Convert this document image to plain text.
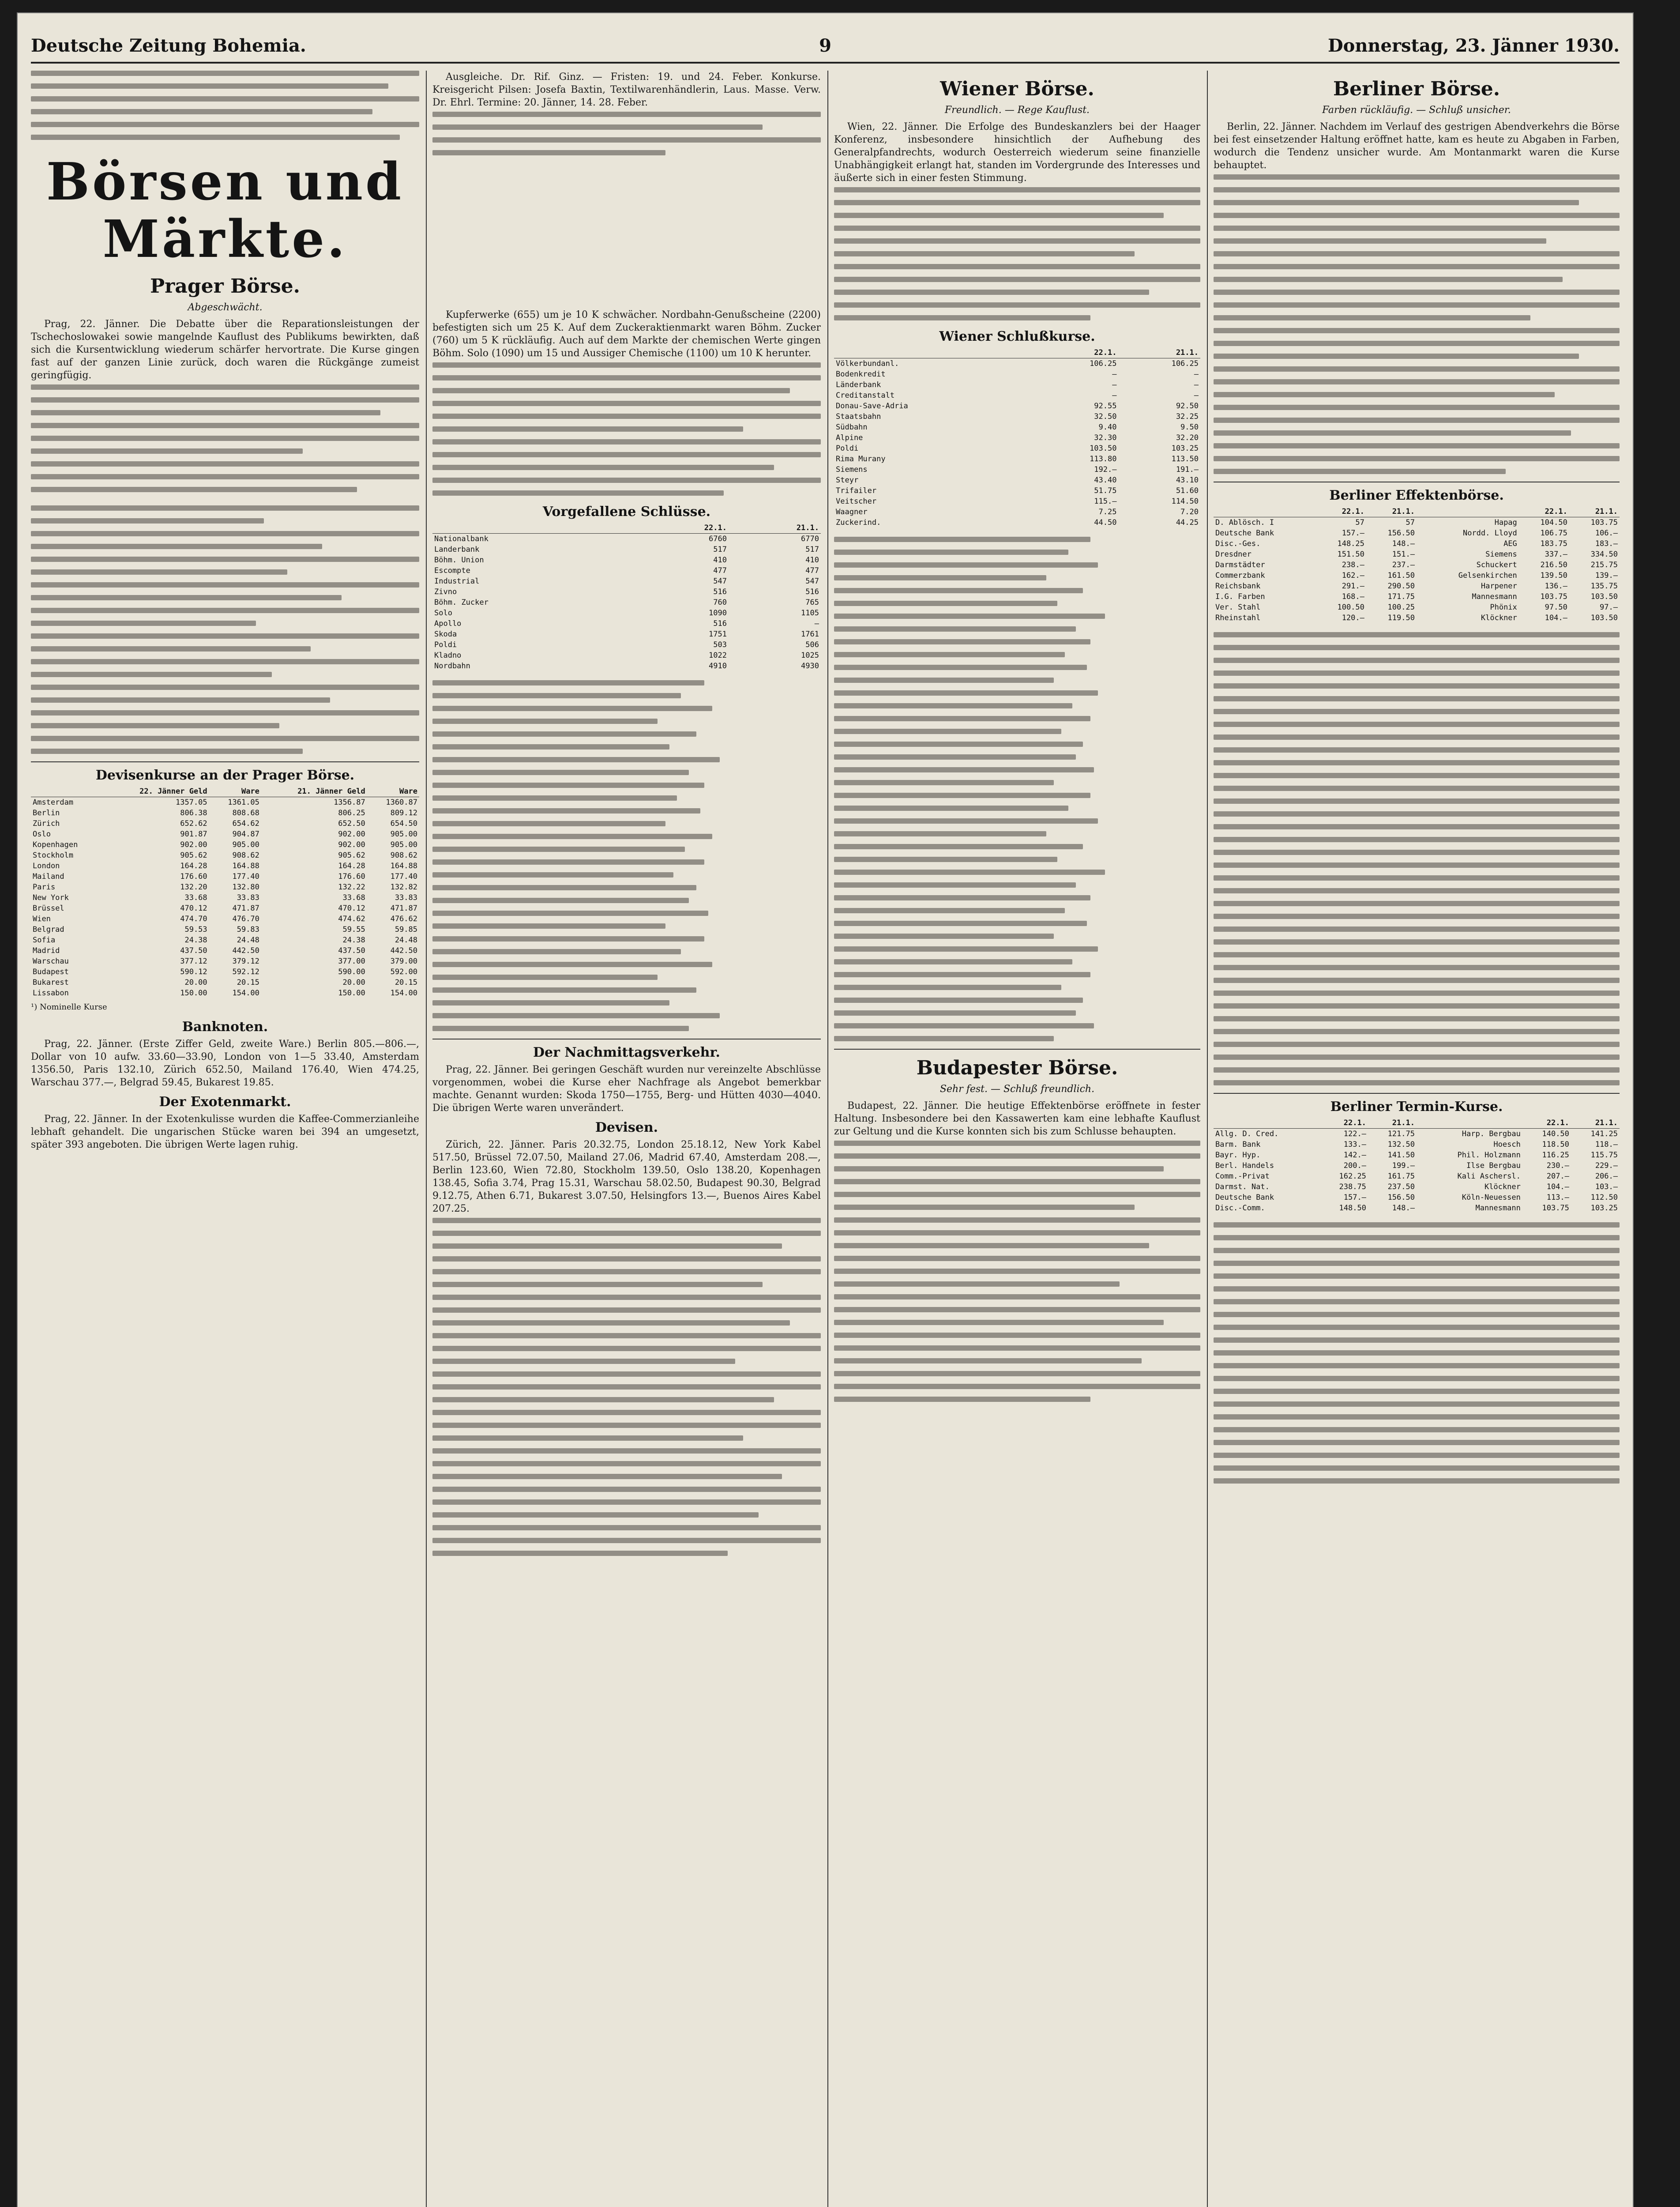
Deutsche Zeitung Bohemia.	9	Donnerstag, 23. Jänner 1930.
Börsen und Märkte.
Prager Börse.
Abgeschwächt.

Prag, 22. Jänner. Die Debatte über die Reparationsleistungen der Tschechoslowakei sowie mangelnde Kauflust des Publikums bewirkten, daß sich die Kursentwicklung wiederum schärfer hervortrate. Die Kurse gingen fast auf der ganzen Linie zurück, doch waren die Rückgänge zumeist geringfügig.

Devisenkurse an der Prager Börse.
	22. Jänner Geld	Ware	21. Jänner Geld	Ware
Amsterdam	1357.05	1361.05	1356.87	1360.87
Berlin	806.38	808.68	806.25	809.12
Zürich	652.62	654.62	652.50	654.50
Oslo	901.87	904.87	902.00	905.00
Kopenhagen	902.00	905.00	902.00	905.00
Stockholm	905.62	908.62	905.62	908.62
London	164.28	164.88	164.28	164.88
Mailand	176.60	177.40	176.60	177.40
Paris	132.20	132.80	132.22	132.82
New York	33.68	33.83	33.68	33.83
Brüssel	470.12	471.87	470.12	471.87
Wien	474.70	476.70	474.62	476.62
Belgrad	59.53	59.83	59.55	59.85
Sofia	24.38	24.48	24.38	24.48
Madrid	437.50	442.50	437.50	442.50
Warschau	377.12	379.12	377.00	379.00
Budapest	590.12	592.12	590.00	592.00
Bukarest	20.00	20.15	20.00	20.15
Lissabon	150.00	154.00	150.00	154.00
¹) Nominelle Kurse
Banknoten.

Prag, 22. Jänner. (Erste Ziffer Geld, zweite Ware.) Berlin 805.—806.—, Dollar von 10 aufw. 33.60—33.90, London von 1—5 33.40, Amsterdam 1356.50, Paris 132.10, Zürich 652.50, Mailand 176.40, Wien 474.25, Warschau 377.—, Belgrad 59.45, Bukarest 19.85.

Der Exotenmarkt.

Prag, 22. Jänner. In der Exotenkulisse wurden die Kaffee-Commerzianleihe lebhaft gehandelt. Die ungarischen Stücke waren bei 394 an umgesetzt, später 393 angeboten. Die übrigen Werte lagen ruhig.

Ausgleiche. Dr. Rif. Ginz. — Fristen: 19. und 24. Feber. Konkurse. Kreisgericht Pilsen: Josefa Baxtin, Textilwarenhändlerin, Laus. Masse. Verw. Dr. Ehrl. Termine: 20. Jänner, 14. 28. Feber.

Kupferwerke (655) um je 10 K schwächer. Nordbahn-Genußscheine (2200) befestigten sich um 25 K. Auf dem Zuckeraktienmarkt waren Böhm. Zucker (760) um 5 K rückläufig. Auch auf dem Markte der chemischen Werte gingen Böhm. Solo (1090) um 15 und Aussiger Chemische (1100) um 10 K herunter.

Vorgefallene Schlüsse.
	22.1.	21.1.
Nationalbank	6760	6770
Landerbank	517	517
Böhm. Union	410	410
Escompte	477	477
Industrial	547	547
Zivno	516	516
Böhm. Zucker	760	765
Solo	1090	1105
Apollo	516	—
Skoda	1751	1761
Poldi	503	506
Kladno	1022	1025
Nordbahn	4910	4930
Der Nachmittagsverkehr.

Prag, 22. Jänner. Bei geringen Geschäft wurden nur vereinzelte Abschlüsse vorgenommen, wobei die Kurse eher Nachfrage als Angebot bemerkbar machte. Genannt wurden: Skoda 1750—1755, Berg- und Hütten 4030—4040. Die übrigen Werte waren unverändert.

Devisen.

Zürich, 22. Jänner. Paris 20.32.75, London 25.18.12, New York Kabel 517.50, Brüssel 72.07.50, Mailand 27.06, Madrid 67.40, Amsterdam 208.—, Berlin 123.60, Wien 72.80, Stockholm 139.50, Oslo 138.20, Kopenhagen 138.45, Sofia 3.74, Prag 15.31, Warschau 58.02.50, Budapest 90.30, Belgrad 9.12.75, Athen 6.71, Bukarest 3.07.50, Helsingfors 13.—, Buenos Aires Kabel 207.25.

Wiener Börse.
Freundlich. — Rege Kauflust.

Wien, 22. Jänner. Die Erfolge des Bundeskanzlers bei der Haager Konferenz, insbesondere hinsichtlich der Aufhebung des Generalpfandrechts, wodurch Oesterreich wiederum seine finanzielle Unabhängigkeit erlangt hat, standen im Vordergrunde des Interesses und äußerte sich in einer festen Stimmung.

Wiener Schlußkurse.
	22.1.	21.1.
Völkerbundanl.	106.25	106.25
Bodenkredit	—	—
Länderbank	—	—
Creditanstalt	—	—
Donau-Save-Adria	92.55	92.50
Staatsbahn	32.50	32.25
Südbahn	9.40	9.50
Alpine	32.30	32.20
Poldi	103.50	103.25
Rima Murany	113.80	113.50
Siemens	192.—	191.—
Steyr	43.40	43.10
Trifailer	51.75	51.60
Veitscher	115.—	114.50
Waagner	7.25	7.20
Zuckerind.	44.50	44.25
Budapester Börse.
Sehr fest. — Schluß freundlich.

Budapest, 22. Jänner. Die heutige Effektenbörse eröffnete in fester Haltung. Insbesondere bei den Kassawerten kam eine lebhafte Kauflust zur Geltung und die Kurse konnten sich bis zum Schlusse behaupten.

Berliner Börse.
Farben rückläufig. — Schluß unsicher.

Berlin, 22. Jänner. Nachdem im Verlauf des gestrigen Abendverkehrs die Börse bei fest einsetzender Haltung eröffnet hatte, kam es heute zu Abgaben in Farben, wodurch die Tendenz unsicher wurde. Am Montanmarkt waren die Kurse behauptet.

Berliner Effektenbörse.
	22.1.	21.1.		22.1.	21.1.
D. Ablösch. I	57	57	Hapag	104.50	103.75
Deutsche Bank	157.—	156.50	Nordd. Lloyd	106.75	106.—
Disc.-Ges.	148.25	148.—	AEG	183.75	183.—
Dresdner	151.50	151.—	Siemens	337.—	334.50
Darmstädter	238.—	237.—	Schuckert	216.50	215.75
Commerzbank	162.—	161.50	Gelsenkirchen	139.50	139.—
Reichsbank	291.—	290.50	Harpener	136.—	135.75
I.G. Farben	168.—	171.75	Mannesmann	103.75	103.50
Ver. Stahl	100.50	100.25	Phönix	97.50	97.—
Rheinstahl	120.—	119.50	Klöckner	104.—	103.50
Berliner Termin-Kurse.
	22.1.	21.1.		22.1.	21.1.
Allg. D. Cred.	122.—	121.75	Harp. Bergbau	140.50	141.25
Barm. Bank	133.—	132.50	Hoesch	118.50	118.—
Bayr. Hyp.	142.—	141.50	Phil. Holzmann	116.25	115.75
Berl. Handels	200.—	199.—	Ilse Bergbau	230.—	229.—
Comm.-Privat	162.25	161.75	Kali Aschersl.	207.—	206.—
Darmst. Nat.	238.75	237.50	Klöckner	104.—	103.—
Deutsche Bank	157.—	156.50	Köln-Neuessen	113.—	112.50
Disc.-Comm.	148.50	148.—	Mannesmann	103.75	103.25
